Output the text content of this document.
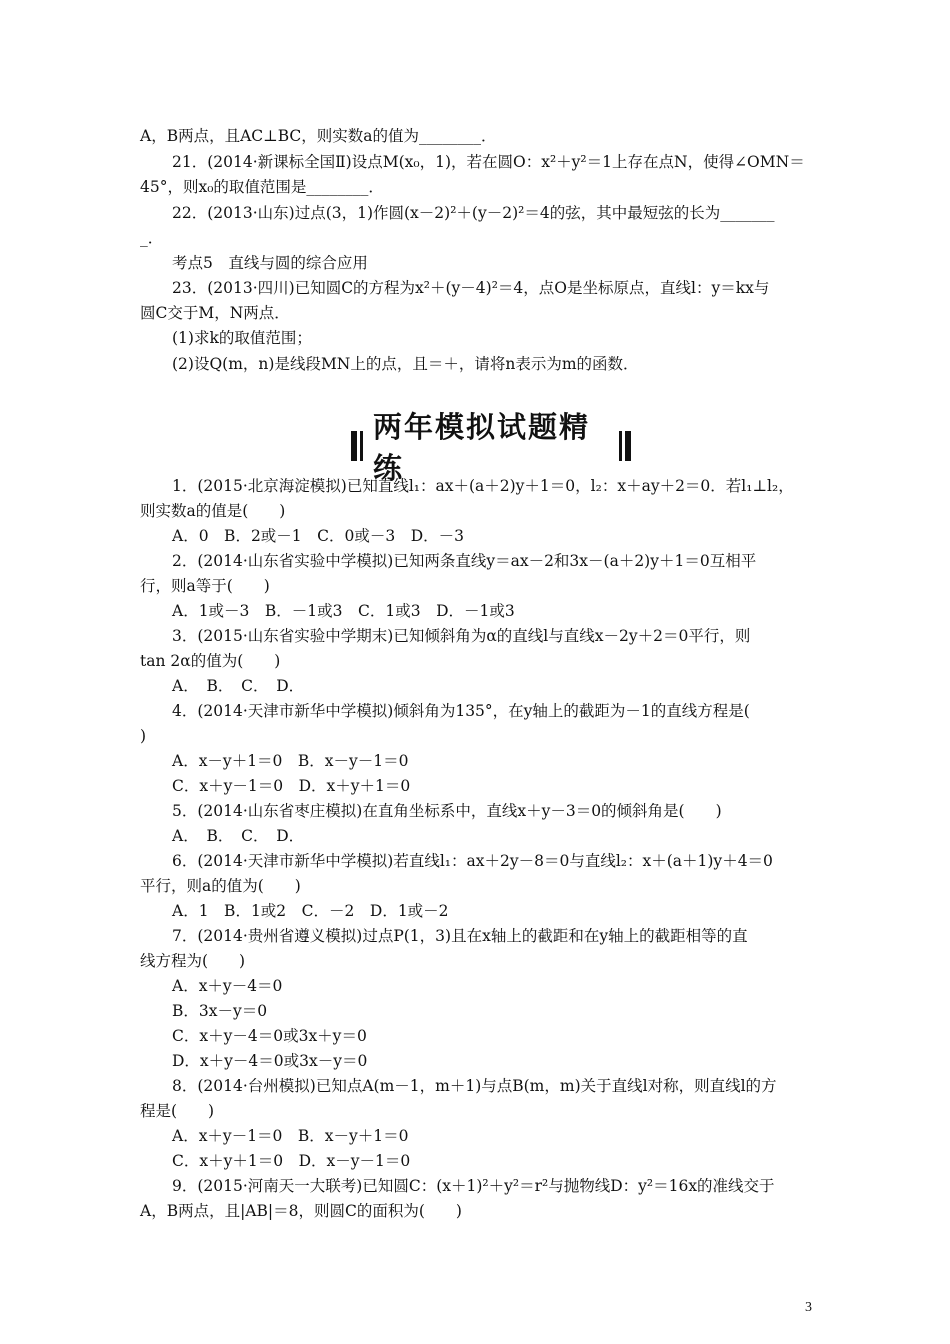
A，B两点，且AC⊥BC，则实数a的值为________．
21．(2014·新课标全国Ⅱ)设点M(x₀，1)，若在圆O：x²＋y²＝1上存在点N，使得∠OMN＝
45°，则x₀的取值范围是________．
22．(2013·山东)过点(3，1)作圆(x－2)²＋(y－2)²＝4的弦，其中最短弦的长为_______
_．
考点5　直线与圆的综合应用
23．(2013·四川)已知圆C的方程为x²＋(y－4)²＝4，点O是坐标原点，直线l：y＝kx与
圆C交于M，N两点．
(1)求k的取值范围；
(2)设Q(m，n)是线段MN上的点，且＝＋，请将n表示为m的函数．
两年模拟试题精练
1．(2015·北京海淀模拟)已知直线l₁：ax＋(a＋2)y＋1＝0，l₂：x＋ay＋2＝0．若l₁⊥l₂，
则实数a的值是(　　)
A．0　B．2或－1　C．0或－3　D．－3
2．(2014·山东省实验中学模拟)已知两条直线y＝ax－2和3x－(a＋2)y＋1＝0互相平
行，则a等于(　　)
A．1或－3　B．－1或3　C．1或3　D．－1或3
3．(2015·山东省实验中学期末)已知倾斜角为α的直线l与直线x－2y＋2＝0平行，则
tan 2α的值为(　　)
A．　B．　C．　D．
4．(2014·天津市新华中学模拟)倾斜角为135°，在y轴上的截距为－1的直线方程是(
)
A．x－y＋1＝0　B．x－y－1＝0
C．x＋y－1＝0　D．x＋y＋1＝0
5．(2014·山东省枣庄模拟)在直角坐标系中，直线x＋y－3＝0的倾斜角是(　　)
A．　B．　C．　D．
6．(2014·天津市新华中学模拟)若直线l₁：ax＋2y－8＝0与直线l₂：x＋(a＋1)y＋4＝0
平行，则a的值为(　　)
A．1　B．1或2　C．－2　D．1或－2
7．(2014·贵州省遵义模拟)过点P(1，3)且在x轴上的截距和在y轴上的截距相等的直
线方程为(　　)
A．x＋y－4＝0
B．3x－y＝0
C．x＋y－4＝0或3x＋y＝0
D．x＋y－4＝0或3x－y＝0
8．(2014·台州模拟)已知点A(m－1，m＋1)与点B(m，m)关于直线l对称，则直线l的方
程是(　　)
A．x＋y－1＝0　B．x－y＋1＝0
C．x＋y＋1＝0　D．x－y－1＝0
9．(2015·河南天一大联考)已知圆C：(x＋1)²＋y²＝r²与抛物线D：y²＝16x的准线交于
A，B两点，且|AB|＝8，则圆C的面积为(　　)
3
